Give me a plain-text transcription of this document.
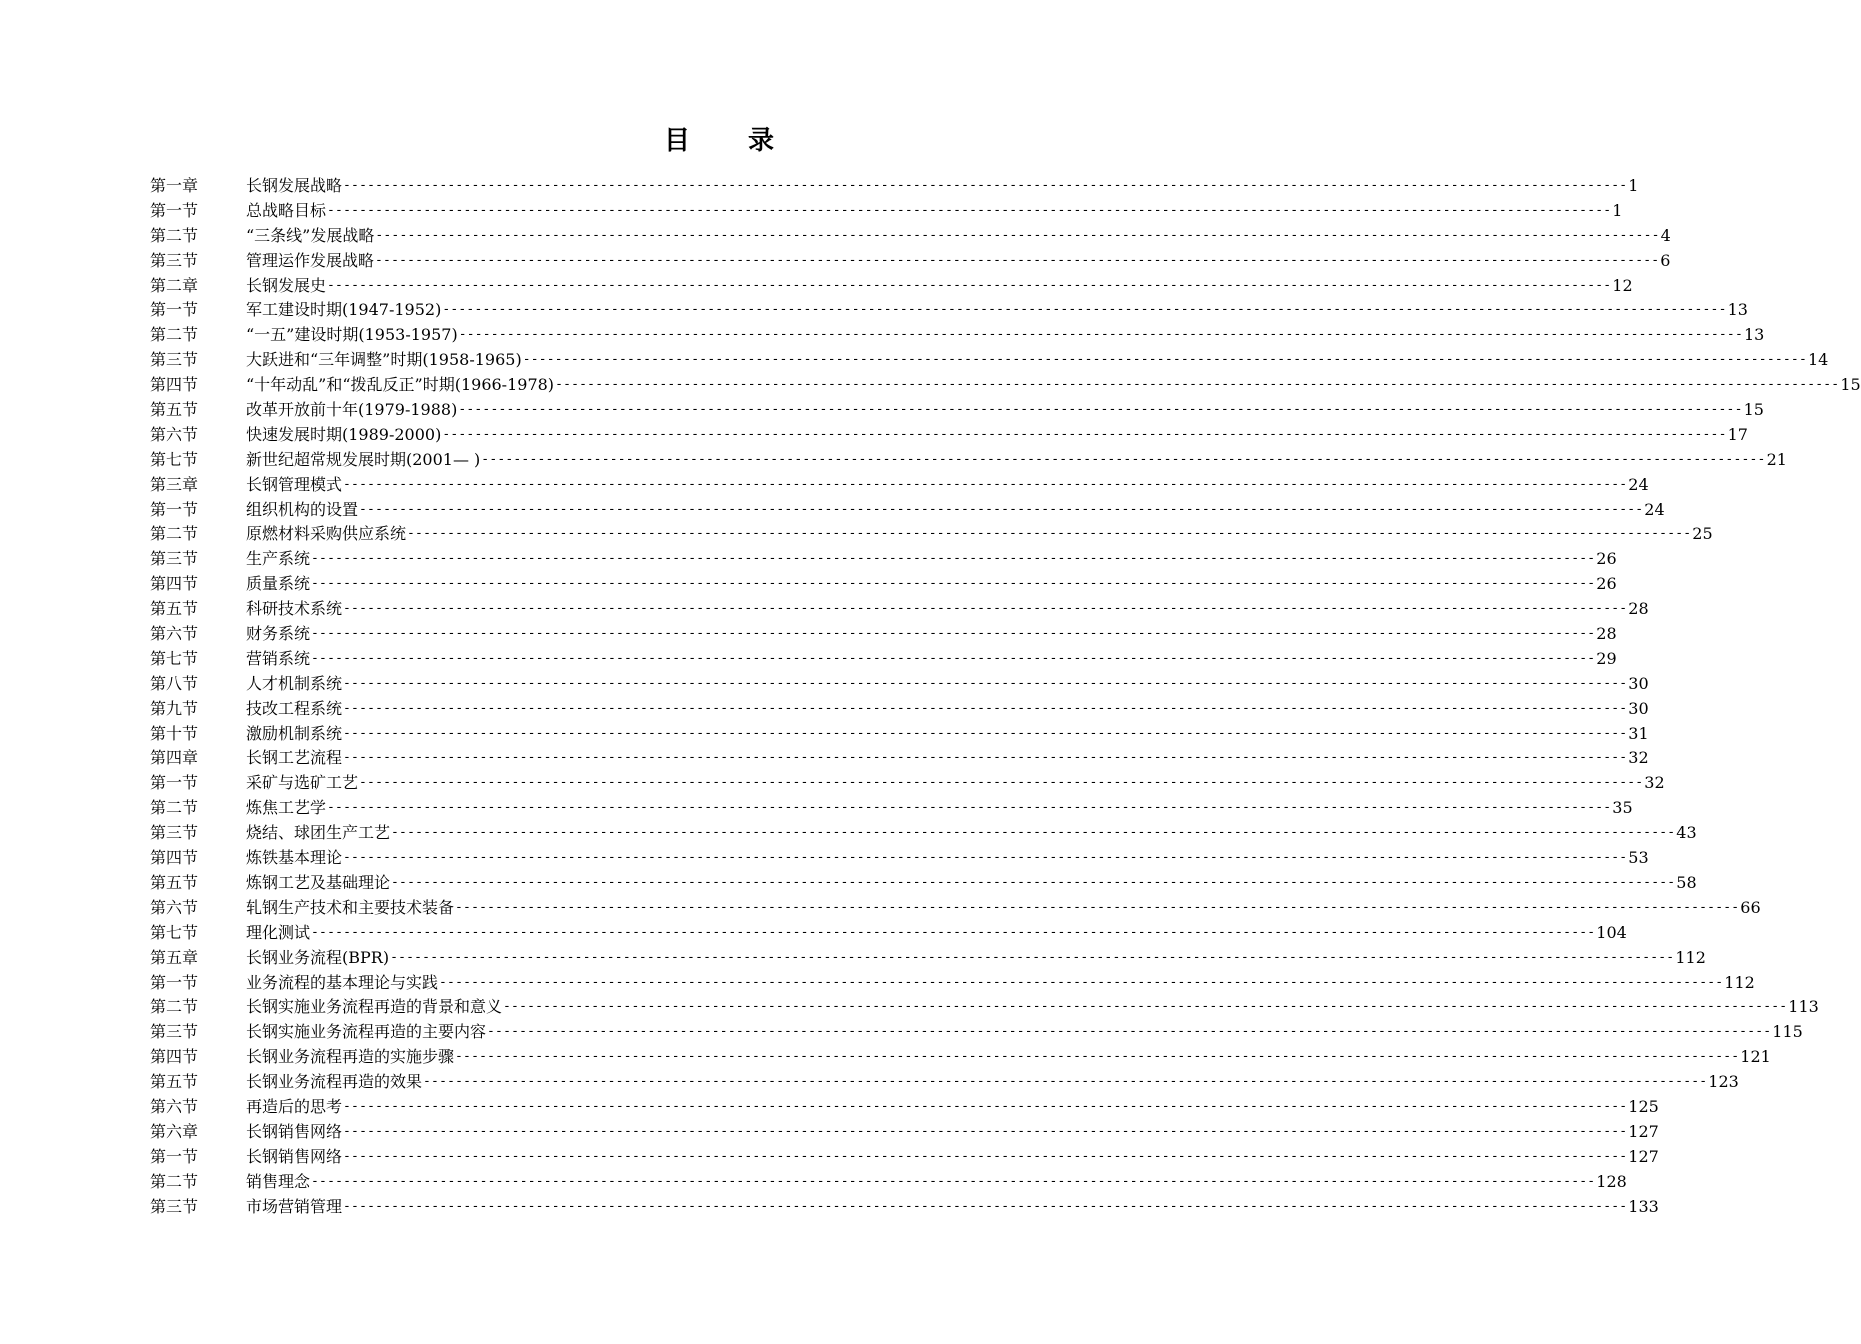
目 录
第一章	长钢发展战略 ---------------------------------------------------------------------------------------------------------------------------------------------------------------- 1
第一节	总战略目标 ---------------------------------------------------------------------------------------------------------------------------------------------------------------- 1
第二节	“三条线”发展战略 ---------------------------------------------------------------------------------------------------------------------------------------------------------------- 4
第三节	管理运作发展战略 ---------------------------------------------------------------------------------------------------------------------------------------------------------------- 6
第二章	长钢发展史 ---------------------------------------------------------------------------------------------------------------------------------------------------------------- 12
第一节	军工建设时期(1947-1952) ---------------------------------------------------------------------------------------------------------------------------------------------------------------- 13
第二节	“一五”建设时期(1953-1957) ---------------------------------------------------------------------------------------------------------------------------------------------------------------- 13
第三节	大跃进和“三年调整”时期(1958-1965) ---------------------------------------------------------------------------------------------------------------------------------------------------------------- 14
第四节	“十年动乱”和“拨乱反正”时期(1966-1978) ---------------------------------------------------------------------------------------------------------------------------------------------------------------- 15
第五节	改革开放前十年(1979-1988) ---------------------------------------------------------------------------------------------------------------------------------------------------------------- 15
第六节	快速发展时期(1989-2000) ---------------------------------------------------------------------------------------------------------------------------------------------------------------- 17
第七节	新世纪超常规发展时期(2001— ) ---------------------------------------------------------------------------------------------------------------------------------------------------------------- 21
第三章	长钢管理模式 ---------------------------------------------------------------------------------------------------------------------------------------------------------------- 24
第一节	组织机构的设置 ---------------------------------------------------------------------------------------------------------------------------------------------------------------- 24
第二节	原燃材料采购供应系统 ---------------------------------------------------------------------------------------------------------------------------------------------------------------- 25
第三节	生产系统 ---------------------------------------------------------------------------------------------------------------------------------------------------------------- 26
第四节	质量系统 ---------------------------------------------------------------------------------------------------------------------------------------------------------------- 26
第五节	科研技术系统 ---------------------------------------------------------------------------------------------------------------------------------------------------------------- 28
第六节	财务系统 ---------------------------------------------------------------------------------------------------------------------------------------------------------------- 28
第七节	营销系统 ---------------------------------------------------------------------------------------------------------------------------------------------------------------- 29
第八节	人才机制系统 ---------------------------------------------------------------------------------------------------------------------------------------------------------------- 30
第九节	技改工程系统 ---------------------------------------------------------------------------------------------------------------------------------------------------------------- 30
第十节	激励机制系统 ---------------------------------------------------------------------------------------------------------------------------------------------------------------- 31
第四章	长钢工艺流程 ---------------------------------------------------------------------------------------------------------------------------------------------------------------- 32
第一节	采矿与选矿工艺 ---------------------------------------------------------------------------------------------------------------------------------------------------------------- 32
第二节	炼焦工艺学 ---------------------------------------------------------------------------------------------------------------------------------------------------------------- 35
第三节	烧结、球团生产工艺 ---------------------------------------------------------------------------------------------------------------------------------------------------------------- 43
第四节	炼铁基本理论 ---------------------------------------------------------------------------------------------------------------------------------------------------------------- 53
第五节	炼钢工艺及基础理论 ---------------------------------------------------------------------------------------------------------------------------------------------------------------- 58
第六节	轧钢生产技术和主要技术装备 ---------------------------------------------------------------------------------------------------------------------------------------------------------------- 66
第七节	理化测试 ---------------------------------------------------------------------------------------------------------------------------------------------------------------- 104
第五章	长钢业务流程(BPR) ---------------------------------------------------------------------------------------------------------------------------------------------------------------- 112
第一节	业务流程的基本理论与实践 ---------------------------------------------------------------------------------------------------------------------------------------------------------------- 112
第二节	长钢实施业务流程再造的背景和意义 ---------------------------------------------------------------------------------------------------------------------------------------------------------------- 113
第三节	长钢实施业务流程再造的主要内容 ---------------------------------------------------------------------------------------------------------------------------------------------------------------- 115
第四节	长钢业务流程再造的实施步骤 ---------------------------------------------------------------------------------------------------------------------------------------------------------------- 121
第五节	长钢业务流程再造的效果 ---------------------------------------------------------------------------------------------------------------------------------------------------------------- 123
第六节	再造后的思考 ---------------------------------------------------------------------------------------------------------------------------------------------------------------- 125
第六章	长钢销售网络 ---------------------------------------------------------------------------------------------------------------------------------------------------------------- 127
第一节	长钢销售网络 ---------------------------------------------------------------------------------------------------------------------------------------------------------------- 127
第二节	销售理念 ---------------------------------------------------------------------------------------------------------------------------------------------------------------- 128
第三节	市场营销管理 ---------------------------------------------------------------------------------------------------------------------------------------------------------------- 133
